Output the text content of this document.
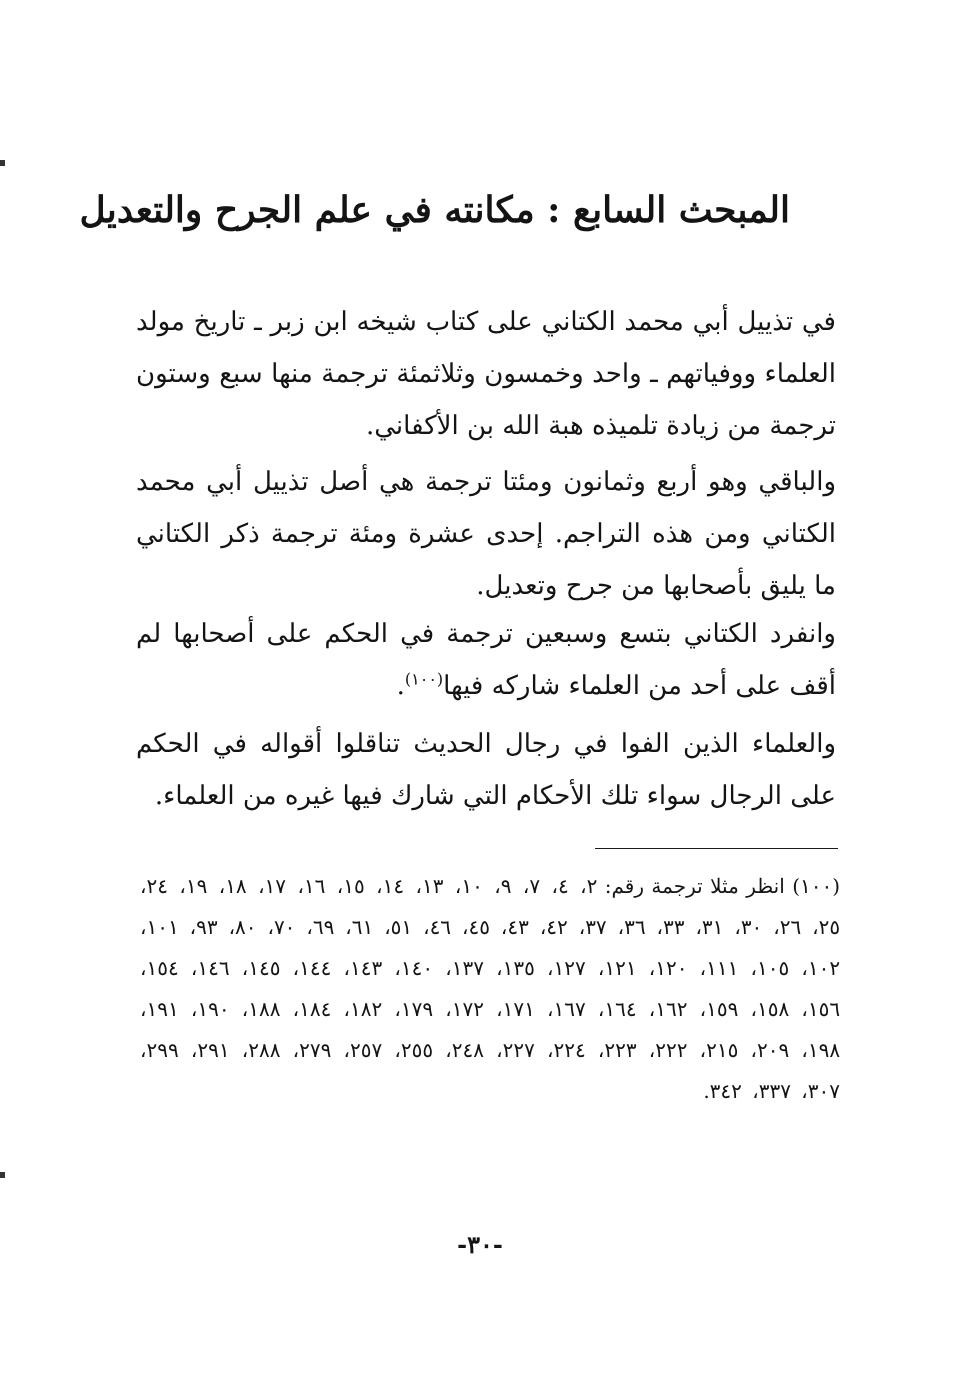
المبحث السابع : مكانته في علم الجرح والتعديل

في تذييل أبي محمد الكتاني على كتاب شيخه ابن زبر ـ تاريخ مولد العلماء ووفياتهم ـ واحد وخمسون وثلاثمئة ترجمة منها سبع وستون ترجمة من زيادة تلميذه هبة الله بن الأكفاني.

والباقي وهو أربع وثمانون ومئتا ترجمة هي أصل تذييل أبي محمد الكتاني ومن هذه التراجم. إحدى عشرة ومئة ترجمة ذكر الكتاني ما يليق بأصحابها من جرح وتعديل.

وانفرد الكتاني بتسع وسبعين ترجمة في الحكم على أصحابها لم أقف على أحد من العلماء شاركه فيها$^{(١٠٠)}$.

والعلماء الذين الفوا في رجال الحديث تناقلوا أقواله في الحكم على الرجال سواء تلك الأحكام التي شارك فيها غيره من العلماء.

(١٠٠) انظر مثلا ترجمة رقم: ٢، ٤، ٧، ٩، ١٠، ١٣، ١٤، ١٥، ١٦، ١٧، ١٨، ١٩، ٢٤، ٢٥، ٢٦، ٣٠، ٣١، ٣٣، ٣٦، ٣٧، ٤٢، ٤٣، ٤٥، ٤٦، ٥١، ٦١، ٦٩، ٧٠، ٨٠، ٩٣، ١٠١، ١٠٢، ١٠٥، ١١١، ١٢٠، ١٢١، ١٢٧، ١٣٥، ١٣٧، ١٤٠، ١٤٣، ١٤٤، ١٤٥، ١٤٦، ١٥٤، ١٥٦، ١٥٨، ١٥٩، ١٦٢، ١٦٤، ١٦٧، ١٧١، ١٧٢، ١٧٩، ١٨٢، ١٨٤، ١٨٨، ١٩٠، ١٩١، ١٩٨، ٢٠٩، ٢١٥، ٢٢٢، ٢٢٣، ٢٢٤، ٢٢٧، ٢٤٨، ٢٥٥، ٢٥٧، ٢٧٩، ٢٨٨، ٢٩١، ٢٩٩، ٣٠٧، ٣٣٧، ٣٤٢.
-٣٠-
